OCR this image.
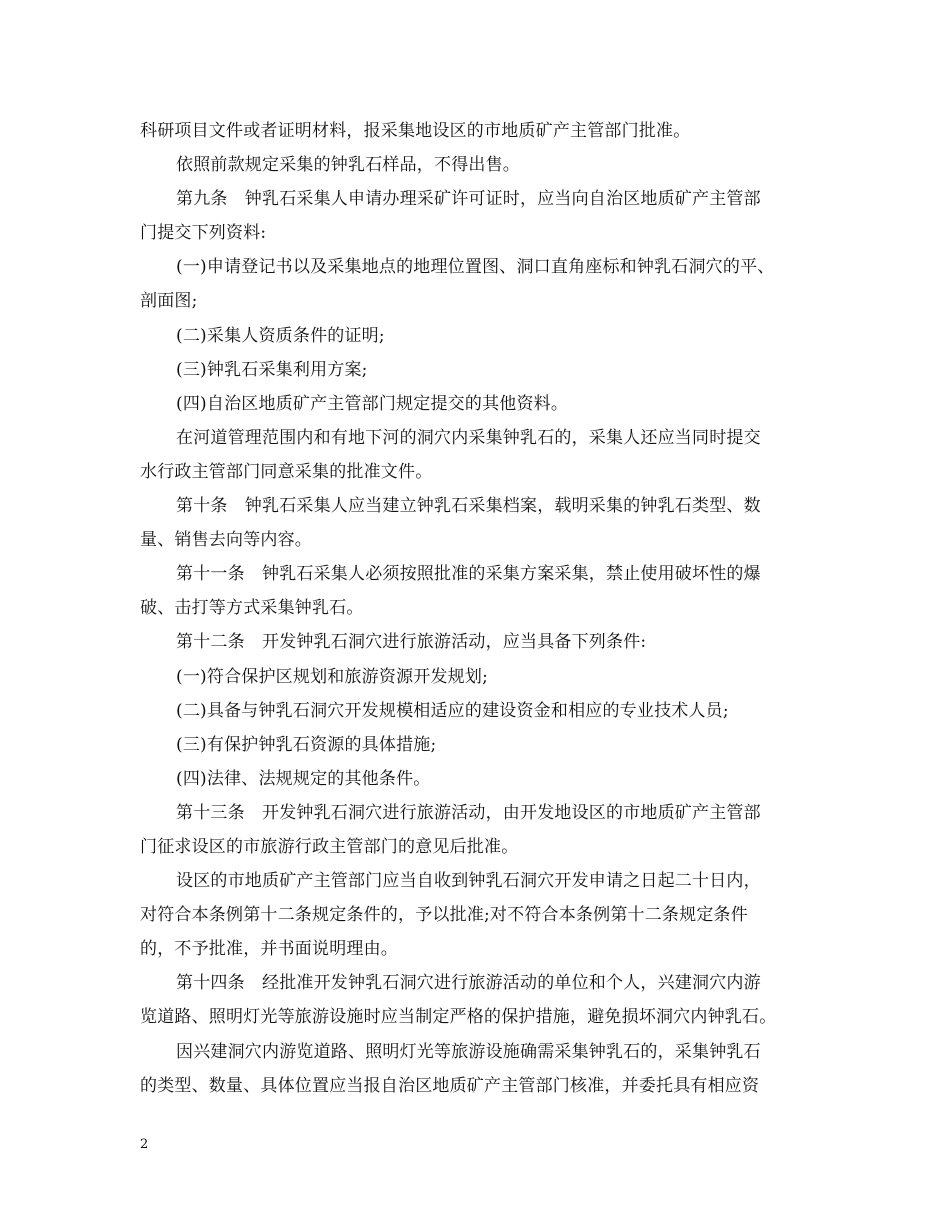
科研项目文件或者证明材料，报采集地设区的市地质矿产主管部门批准。
依照前款规定采集的钟乳石样品，不得出售。
第九条　钟乳石采集人申请办理采矿许可证时，应当向自治区地质矿产主管部
门提交下列资料:
(一)申请登记书以及采集地点的地理位置图、洞口直角座标和钟乳石洞穴的平、
剖面图;
(二)采集人资质条件的证明;
(三)钟乳石采集利用方案;
(四)自治区地质矿产主管部门规定提交的其他资料。
在河道管理范围内和有地下河的洞穴内采集钟乳石的，采集人还应当同时提交
水行政主管部门同意采集的批准文件。
第十条　钟乳石采集人应当建立钟乳石采集档案，载明采集的钟乳石类型、数
量、销售去向等内容。
第十一条　钟乳石采集人必须按照批准的采集方案采集，禁止使用破坏性的爆
破、击打等方式采集钟乳石。
第十二条　开发钟乳石洞穴进行旅游活动，应当具备下列条件:
(一)符合保护区规划和旅游资源开发规划;
(二)具备与钟乳石洞穴开发规模相适应的建设资金和相应的专业技术人员;
(三)有保护钟乳石资源的具体措施;
(四)法律、法规规定的其他条件。
第十三条　开发钟乳石洞穴进行旅游活动，由开发地设区的市地质矿产主管部
门征求设区的市旅游行政主管部门的意见后批准。
设区的市地质矿产主管部门应当自收到钟乳石洞穴开发申请之日起二十日内，
对符合本条例第十二条规定条件的，予以批准;对不符合本条例第十二条规定条件
的，不予批准，并书面说明理由。
第十四条　经批准开发钟乳石洞穴进行旅游活动的单位和个人，兴建洞穴内游
览道路、照明灯光等旅游设施时应当制定严格的保护措施，避免损坏洞穴内钟乳石。
因兴建洞穴内游览道路、照明灯光等旅游设施确需采集钟乳石的，采集钟乳石
的类型、数量、具体位置应当报自治区地质矿产主管部门核准，并委托具有相应资
2
